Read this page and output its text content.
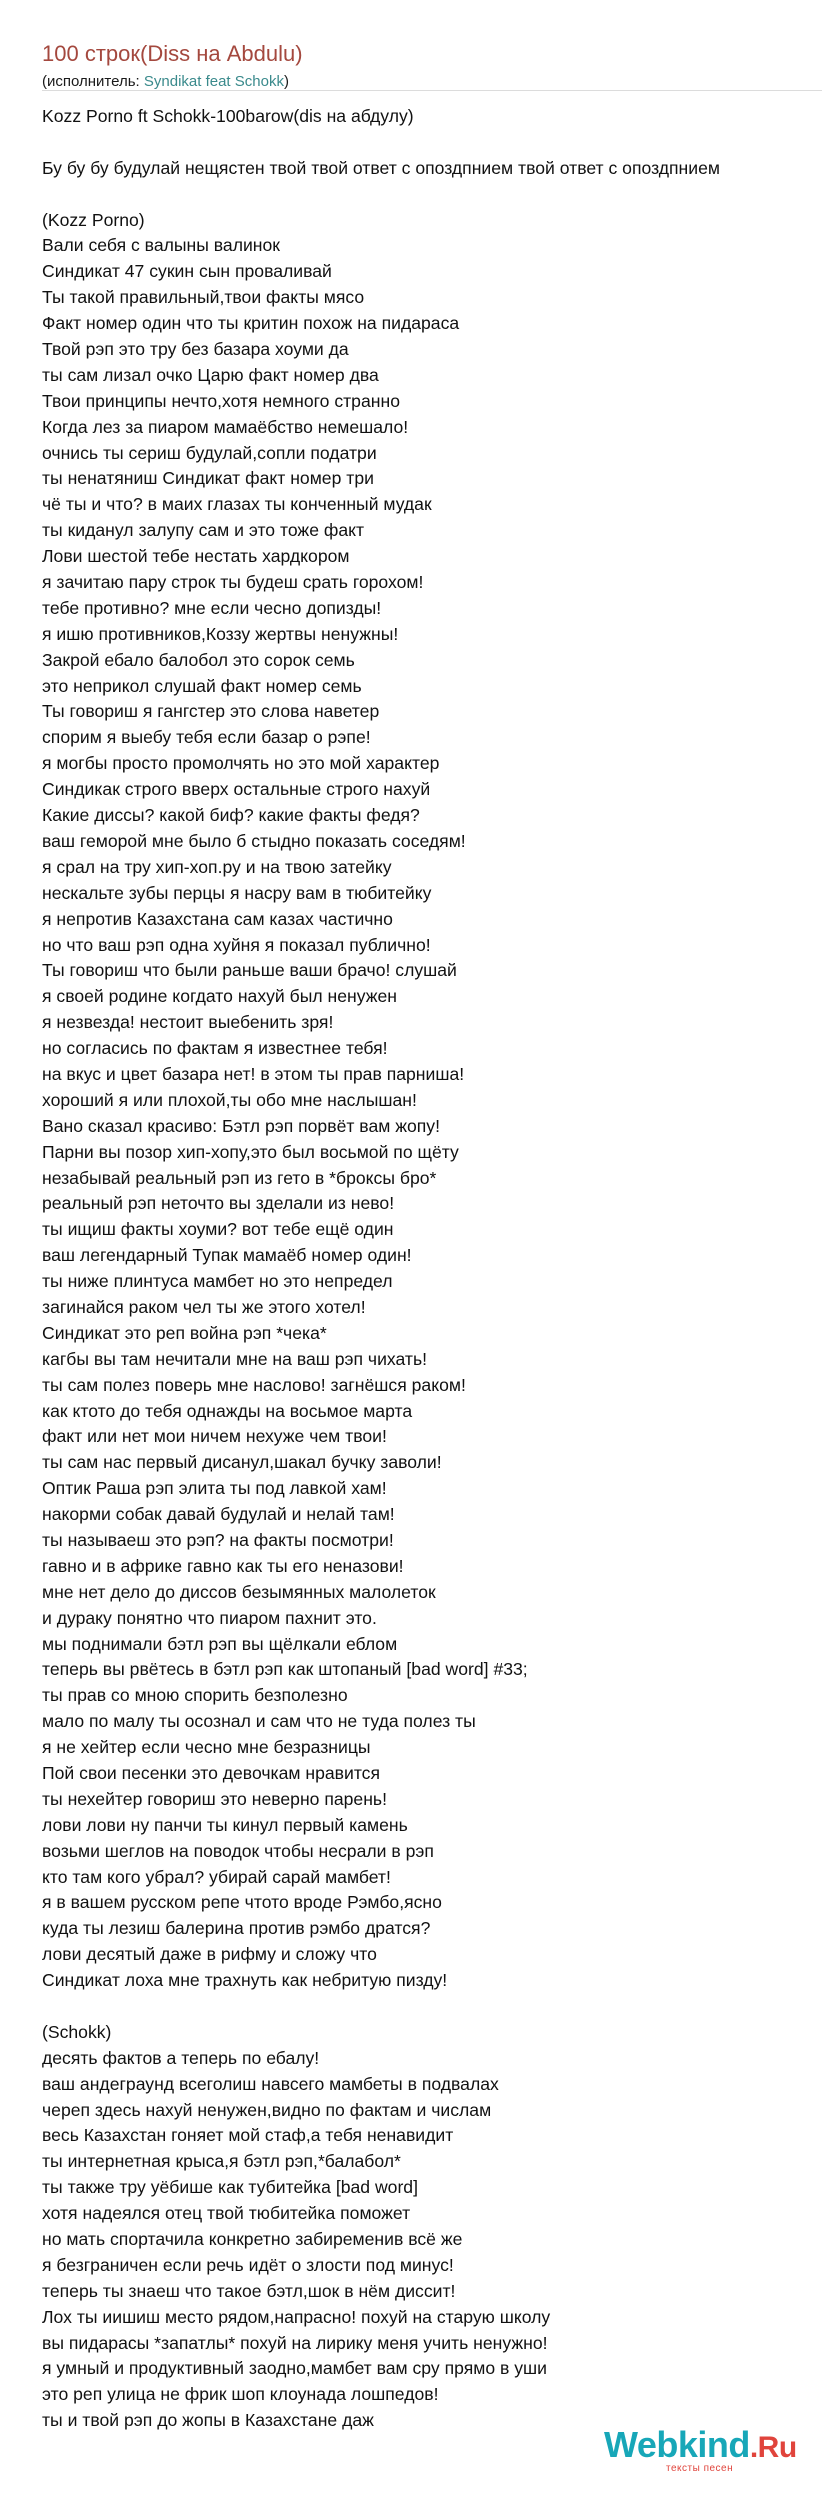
100 строк(Diss на Abdulu)
(исполнитель: Syndikat feat Schokk)
Kozz Porno ft Schokk-100barow(dis на абдулу)
Бу бу бу будулай нещястен твой твой ответ с опоздпнием твой ответ с опоздпнием
(Kozz Porno)
Вали себя с валыны валинок
Синдикат 47 сукин сын проваливай
Ты такой правильный,твои факты мясо
Факт номер один что ты критин похож на пидараса
Твой рэп это тру без базара хоуми да
ты сам лизал очко Царю факт номер два
Твои принципы нечто,хотя немного странно
Когда лез за пиаром мамаёбство немешало!
очнись ты сериш будулай,сопли податри
ты ненатяниш Синдикат факт номер три
чё ты и что? в маих глазах ты конченный мудак
ты киданул залупу сам и это тоже факт
Лови шестой тебе нестать хардкором
я зачитаю пару строк ты будеш срать горохом!
тебе противно? мне если чесно допизды!
я ишю противников,Коззу жертвы ненужны!
Закрой ебало балобол это сорок семь
это неприкол слушай факт номер семь
Ты говориш я гангстер это слова наветер
спорим я выебу тебя если базар о рэпе!
я могбы просто промолчять но это мой характер
Синдикак строго вверх остальные строго нахуй
Какие диссы? какой биф? какие факты федя?
ваш геморой мне было б стыдно показать соседям!
я срал на тру хип-хоп.ру и на твою затейку
нескальте зубы перцы я насру вам в тюбитейку
я непротив Казахстана сам казах частично
но что ваш рэп одна хуйня я показал публично!
Ты говориш что были раньше ваши брачо! слушай
я своей родине когдато нахуй был ненужен
я незвезда! нестоит выебенить зря!
но согласись по фактам я известнее тебя!
на вкус и цвет базара нет! в этом ты прав парниша!
хороший я или плохой,ты обо мне наслышан!
Вано сказал красиво: Бэтл рэп порвёт вам жопу!
Парни вы позор хип-хопу,это был восьмой по щёту
незабывай реальный рэп из гето в *броксы бро*
реальный рэп неточто вы зделали из нево!
ты ищиш факты хоуми? вот тебе ещё один
ваш легендарный Тупак мамаёб номер один!
ты ниже плинтуса мамбет но это непредел
загинайся раком чел ты же этого хотел!
Синдикат это реп война рэп *чека*
кагбы вы там нечитали мне на ваш рэп чихать!
ты сам полез поверь мне наслово! загнёшся раком!
как ктото до тебя однажды на восьмое марта
факт или нет мои ничем нехуже чем твои!
ты сам нас первый дисанул,шакал бучку заволи!
Оптик Раша рэп элита ты под лавкой хам!
накорми собак давай будулай и нелай там!
ты называеш это рэп? на факты посмотри!
гавно и в африке гавно как ты его неназови!
мне нет дело до диссов безымянных малолеток
и дураку понятно что пиаром пахнит это.
мы поднимали бэтл рэп вы щёлкали еблом
теперь вы рвётесь в бэтл рэп как штопаный [bad word] #33;
ты прав со мною спорить безполезно
мало по малу ты осознал и сам что не туда полез ты
я не хейтер если чесно мне безразницы
Пой свои песенки это девочкам нравится
ты нехейтер говориш это неверно парень!
лови лови ну панчи ты кинул первый камень
возьми шеглов на поводок чтобы несрали в рэп
кто там кого убрал? убирай сарай мамбет!
я в вашем русском репе чтото вроде Рэмбо,ясно
куда ты лезиш балерина против рэмбо дратся?
лови десятый даже в рифму и сложу что
Синдикат лоха мне трахнуть как небритую пизду!
(Schokk)
десять фактов а теперь по ебалу!
ваш андеграунд всеголиш навсего мамбеты в подвалах
череп здесь нахуй ненужен,видно по фактам и числам
весь Казахстан гоняет мой стаф,а тебя ненавидит
ты интернетная крыса,я бэтл рэп,*балабол*
ты также тру уёбише как тубитейка [bad word]
хотя надеялся отец твой тюбитейка поможет
но мать спортачила конкретно забиременив всё же
я безграничен если речь идёт о злости под минус!
теперь ты знаеш что такое бэтл,шок в нём диссит!
Лох ты иишиш место рядом,напрасно! похуй на старую школу
вы пидарасы *запатлы* похуй на лирику меня учить ненужно!
я умный и продуктивный заодно,мамбет вам сру прямо в уши
это реп улица не фрик шоп клоунада лошпедов!
ты и твой рэп до жопы в Казахстане даж
Webkind.Ru
тексты песен
